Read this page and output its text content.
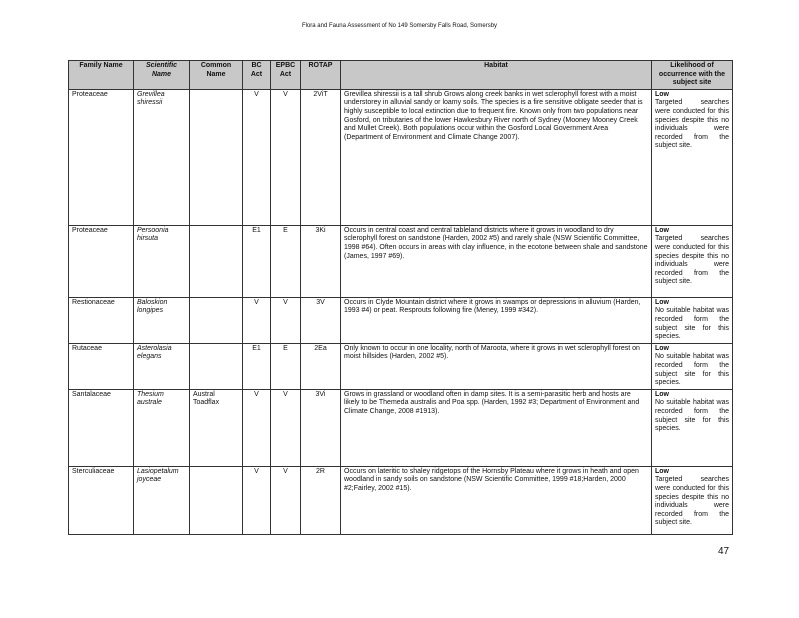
Flora and Fauna Assessment of No 149 Somersby Falls Road, Somersby
Family Name	Scientific Name	Common Name	BC Act	EPBC Act	ROTAP	Habitat	Likelihood of occurrence with the subject site
Proteaceae	Grevillea shiressii		V	V	2ViT	Grevillea shiressii is a tall shrub Grows along creek banks in wet sclerophyll forest with a moist understorey in alluvial sandy or loamy soils. The species is a fire sensitive obligate seeder that is highly susceptible to local extinction due to frequent fire. Known only from two populations near Gosford, on tributaries of the lower Hawkesbury River north of Sydney (Mooney Mooney Creek and Mullet Creek). Both populations occur within the Gosford Local Government Area (Department of Environment and Climate Change 2007).	Low
Targeted searches were conducted for this species despite this no individuals were recorded from the subject site.
Proteaceae	Persoonia hirsuta		E1	E	3Ki	Occurs in central coast and central tableland districts where it grows in woodland to dry sclerophyll forest on sandstone (Harden, 2002 #5) and rarely shale (NSW Scientific Committee, 1998 #64). Often occurs in areas with clay influence, in the ecotone between shale and sandstone (James, 1997 #69).	Low
Targeted searches were conducted for this species despite this no individuals were recorded from the subject site.
Restionaceae	Baloskion longipes		V	V	3V	Occurs in Clyde Mountain district where it grows in swamps or depressions in alluvium (Harden, 1993 #4) or peat. Resprouts following fire (Meney, 1999 #342).	Low
No suitable habitat was recorded form the subject site for this species.
Rutaceae	Asterolasia elegans		E1	E	2Ea	Only known to occur in one locality, north of Maroota, where it grows in wet sclerophyll forest on moist hillsides (Harden, 2002 #5).	Low
No suitable habitat was recorded form the subject site for this species.
Santalaceae	Thesium australe	Austral Toadflax	V	V	3Vi	Grows in grassland or woodland often in damp sites. It is a semi-parasitic herb and hosts are likely to be Themeda australis and Poa spp. (Harden, 1992 #3; Department of Environment and Climate Change, 2008 #1913).	Low
No suitable habitat was recorded form the subject site for this species.
Sterculiaceae	Lasiopetalum joyceae		V	V	2R	Occurs on lateritic to shaley ridgetops of the Hornsby Plateau where it grows in heath and open woodland in sandy soils on sandstone (NSW Scientific Committee, 1999 #18;Harden, 2000 #2;Fairley, 2002 #15).	Low
Targeted searches were conducted for this species despite this no individuals were recorded from the subject site.
47
